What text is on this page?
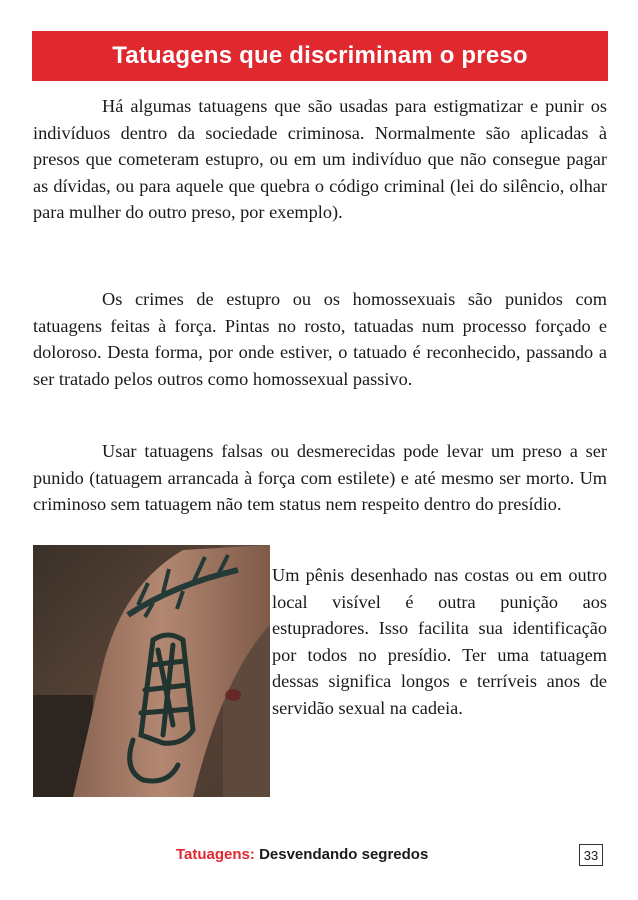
Tatuagens que discriminam o preso

Há algumas tatuagens que são usadas para estigmatizar e punir os indivíduos dentro da sociedade criminosa. Normalmente são aplicadas à presos que cometeram estupro, ou em um indivíduo que não consegue pagar as dívidas, ou para aquele que quebra o código criminal (lei do silêncio, olhar para mulher do outro preso, por exemplo).

Os crimes de estupro ou os homossexuais são punidos com tatuagens feitas à força. Pintas no rosto, tatuadas num processo forçado e doloroso. Desta forma, por onde estiver, o tatuado é reconhecido, passando a ser tratado pelos outros como homossexual passivo.

Usar tatuagens falsas ou desmerecidas pode levar um preso a ser punido (tatuagem arrancada à força com estilete) e até mesmo ser morto. Um criminoso sem tatuagem não tem status nem respeito dentro do presídio.

Um pênis desenhado nas costas ou em outro local visível é outra punição aos estupradores. Isso facilita sua identificação por todos no presídio. Ter uma tatuagem dessas significa longos e terríveis anos de servidão sexual na cadeia.

Tatuagens: Desvendando segredos	33
